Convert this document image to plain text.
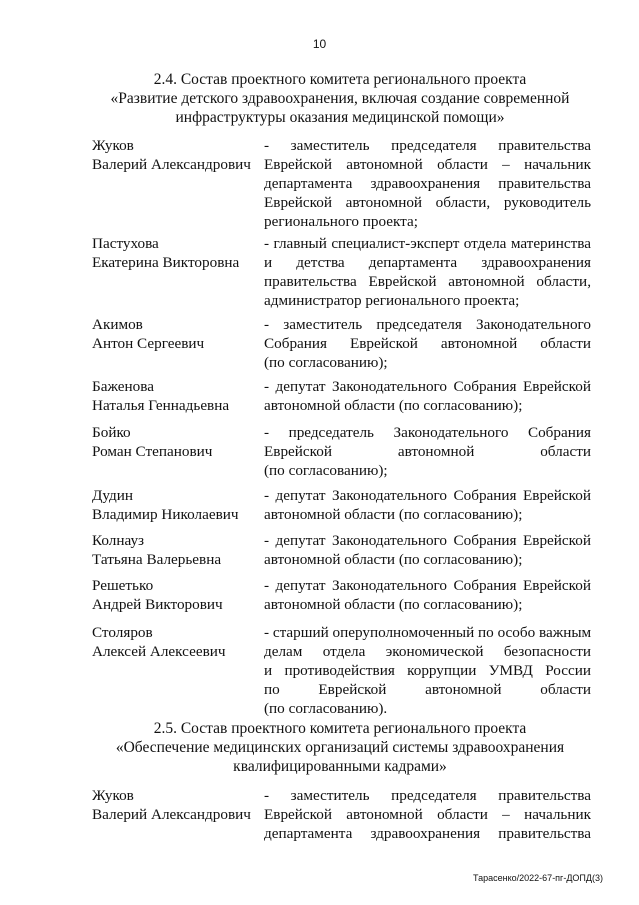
10
2.4. Состав проектного комитета регионального проекта
«Развитие детского здравоохранения, включая создание современной
инфраструктуры оказания медицинской помощи»
Жуков
Валерий Александрович
- заместитель председателя правительства
Еврейской автономной области – начальник
департамента здравоохранения правительства
Еврейской автономной области, руководитель
регионального проекта;
Пастухова
Екатерина Викторовна
- главный специалист-эксперт отдела материнства
и детства департамента здравоохранения
правительства Еврейской автономной области,
администратор регионального проекта;
Акимов
Антон Сергеевич
- заместитель председателя Законодательного
Собрания Еврейской автономной области
(по согласованию);
Баженова
Наталья Геннадьевна
- депутат Законодательного Собрания Еврейской
автономной области (по согласованию);
Бойко
Роман Степанович
- председатель Законодательного Собрания
Еврейской автономной области
(по согласованию);
Дудин
Владимир Николаевич
- депутат Законодательного Собрания Еврейской
автономной области (по согласованию);
Колнауз
Татьяна Валерьевна
- депутат Законодательного Собрания Еврейской
автономной области (по согласованию);
Решетько
Андрей Викторович
- депутат Законодательного Собрания Еврейской
автономной области (по согласованию);
Столяров
Алексей Алексеевич
- старший оперуполномоченный по особо важным
делам отдела экономической безопасности
и противодействия коррупции УМВД России
по Еврейской автономной области
(по согласованию).
2.5. Состав проектного комитета регионального проекта
«Обеспечение медицинских организаций системы здравоохранения
квалифицированными кадрами»
Жуков
Валерий Александрович
- заместитель председателя правительства
Еврейской автономной области – начальник
департамента здравоохранения правительства
Тарасенко/2022-67-пг-ДОПД(3)
